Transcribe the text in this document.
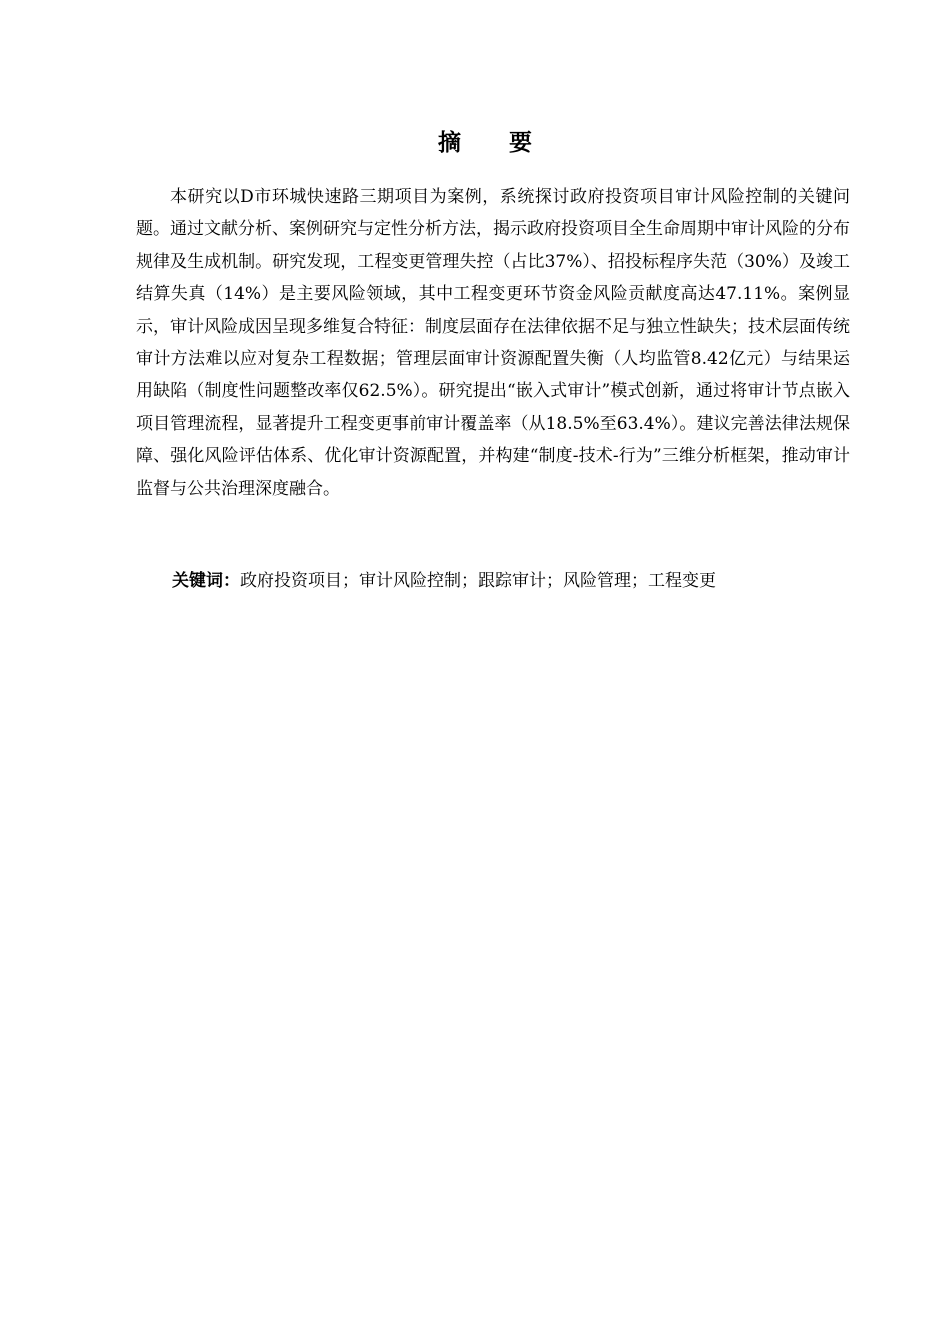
摘 要

本研究以D市环城快速路三期项目为案例，系统探讨政府投资项目审计风险控制的关键问题。通过文献分析、案例研究与定性分析方法，揭示政府投资项目全生命周期中审计风险的分布规律及生成机制。研究发现，工程变更管理失控（占比37%）、招投标程序失范（30%）及竣工结算失真（14%）是主要风险领域，其中工程变更环节资金风险贡献度高达47.11%。案例显示，审计风险成因呈现多维复合特征：制度层面存在法律依据不足与独立性缺失；技术层面传统审计方法难以应对复杂工程数据；管理层面审计资源配置失衡（人均监管8.42亿元）与结果运用缺陷（制度性问题整改率仅62.5%）。研究提出“嵌入式审计”模式创新，通过将审计节点嵌入项目管理流程，显著提升工程变更事前审计覆盖率（从18.5%至63.4%）。建议完善法律法规保障、强化风险评估体系、优化审计资源配置，并构建“制度-技术-行为”三维分析框架，推动审计监督与公共治理深度融合。

关键词：政府投资项目；审计风险控制；跟踪审计；风险管理；工程变更
